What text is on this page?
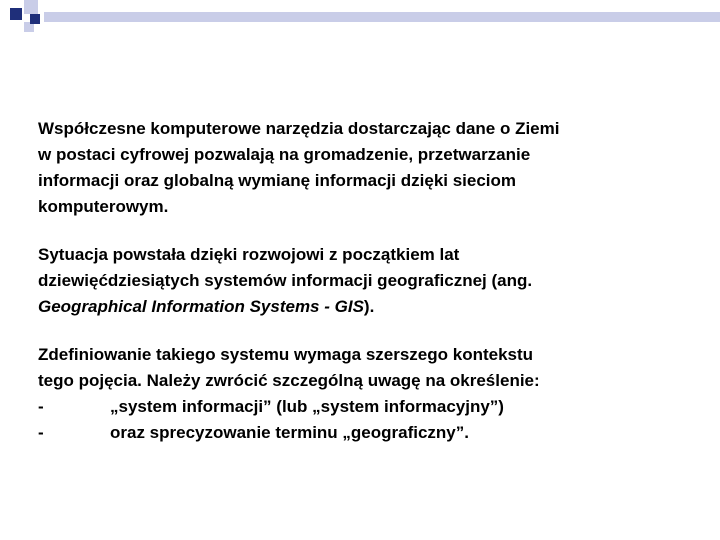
Współczesne komputerowe narzędzia dostarczając dane o Ziemi
w postaci cyfrowej pozwalają na gromadzenie, przetwarzanie
informacji oraz globalną wymianę informacji dzięki sieciom
komputerowym.
Sytuacja powstała dzięki rozwojowi z początkiem lat
dziewięćdziesiątych systemów informacji geograficznej (ang.
Geographical Information Systems - GIS).
Zdefiniowanie takiego systemu wymaga szerszego kontekstu
tego pojęcia. Należy zwrócić szczególną uwagę na określenie:
-	„system informacji” (lub „system informacyjny”)
-	oraz sprecyzowanie terminu „geograficzny”.
